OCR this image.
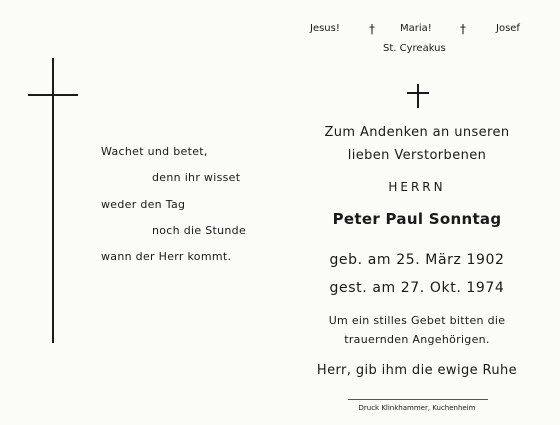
Wachet und betet,
denn ihr wisset
weder den Tag
noch die Stunde
wann der Herr kommt.
Jesus! †	Maria! †	Josef
St. Cyreakus
Zum Andenken an unseren
lieben Verstorbenen
HERRN
Peter Paul Sonntag
geb. am 25. März 1902
gest. am 27. Okt. 1974
Um ein stilles Gebet bitten die
trauernden Angehörigen.
Herr, gib ihm die ewige Ruhe
Druck Klinkhammer, Kuchenheim
